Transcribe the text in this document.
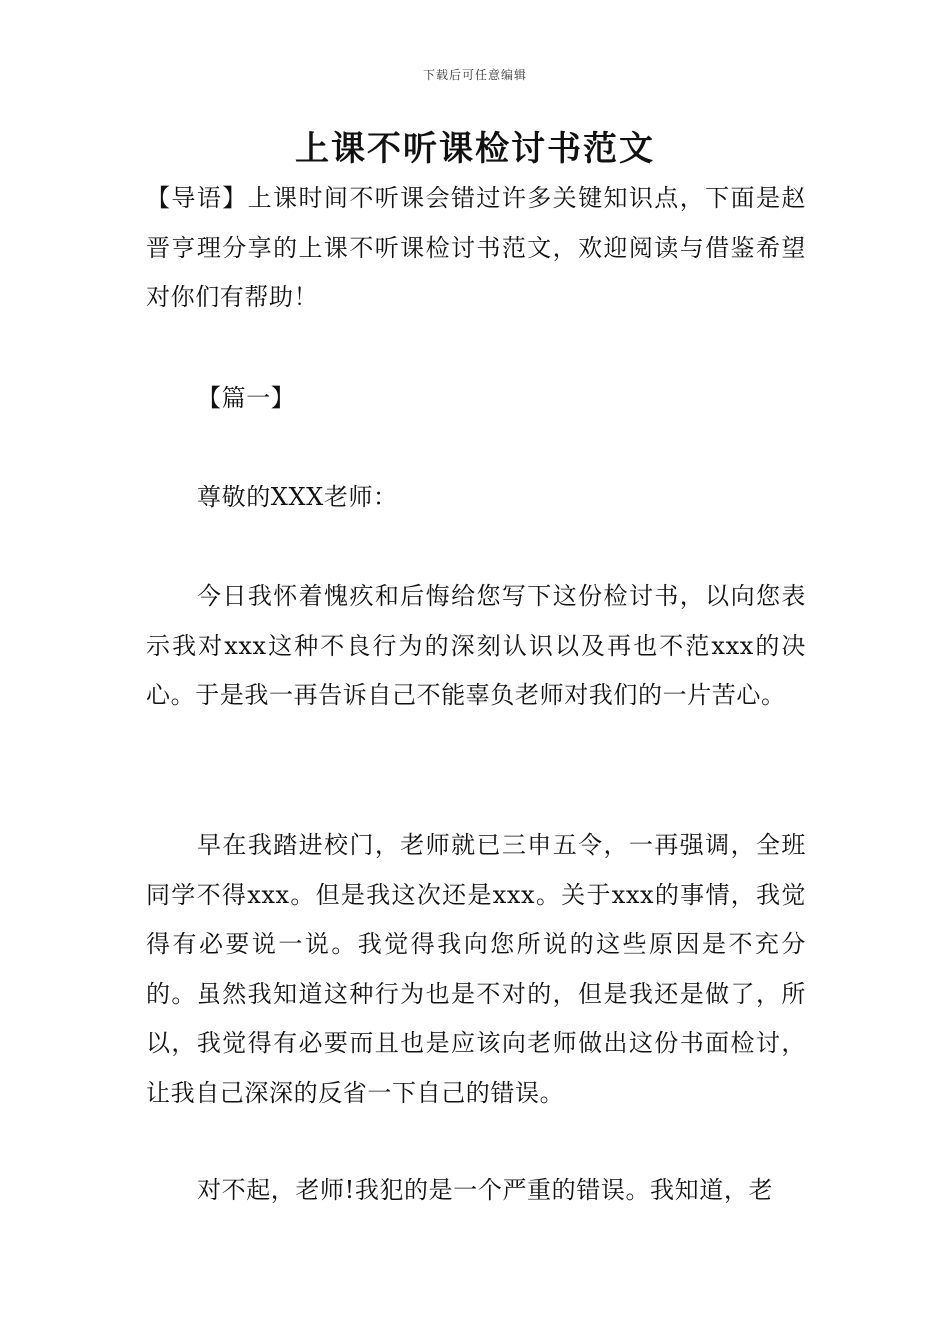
下载后可任意编辑
上课不听课检讨书范文
【导语】上课时间不听课会错过许多关键知识点，下面是赵晋亨理分享的上课不听课检讨书范文，欢迎阅读与借鉴希望对你们有帮助！
【篇一】
尊敬的XXX老师：
今日我怀着愧疚和后悔给您写下这份检讨书，以向您表示我对xxx这种不良行为的深刻认识以及再也不范xxx的决心。于是我一再告诉自己不能辜负老师对我们的一片苦心。
早在我踏进校门，老师就已三申五令，一再强调，全班同学不得xxx。但是我这次还是xxx。关于xxx的事情，我觉得有必要说一说。我觉得我向您所说的这些原因是不充分的。虽然我知道这种行为也是不对的，但是我还是做了，所以，我觉得有必要而且也是应该向老师做出这份书面检讨，让我自己深深的反省一下自己的错误。
对不起，老师!我犯的是一个严重的错误。我知道，老
